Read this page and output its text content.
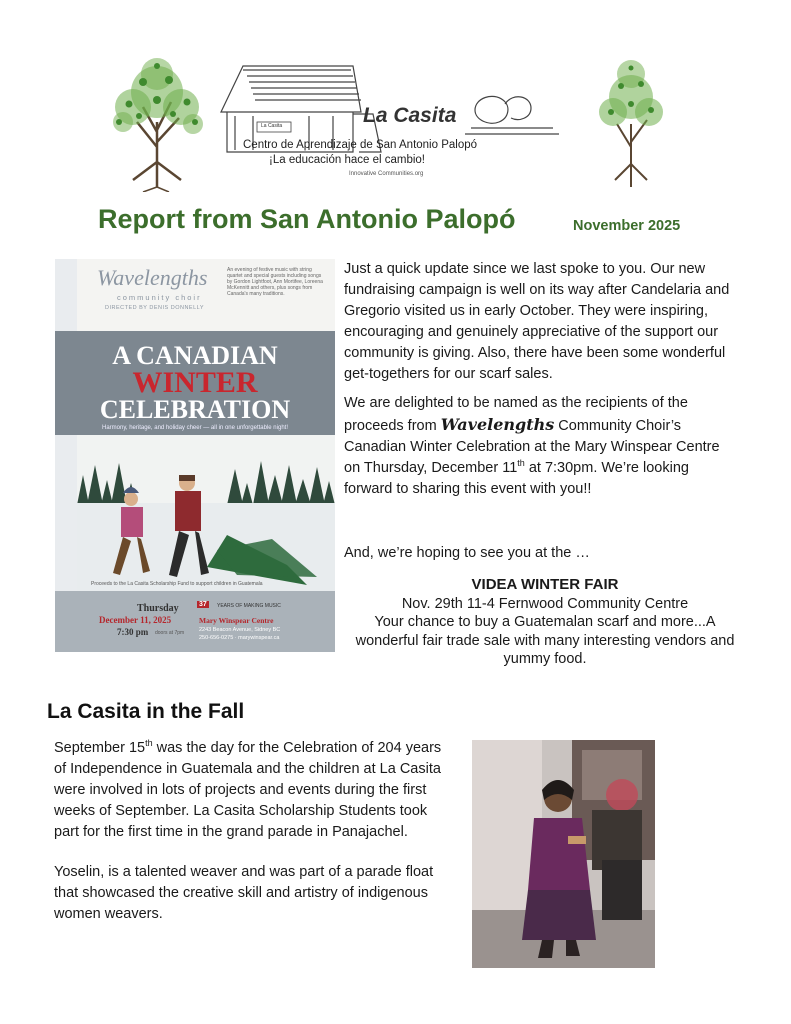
La Casita	La Casita
Centro de Aprendizaje de San Antonio Palopó
¡La educación hace el cambio!
Innovative Communities.org
Report from San Antonio Palopó	November 2025
Wavelengths
community choir
DIRECTED BY DENIS DONNELLY
An evening of festive music with string quartet and special guests including songs by Gordon Lightfoot, Ann Mortifee, Loreena McKennitt and others, plus songs from Canada's many traditions.
A CANADIAN
WINTER
CELEBRATION
Harmony, heritage, and holiday cheer — all in one unforgettable night!
Proceeds to the La Casita Scholarship Fund to support children in Guatemala
Thursday
December 11, 2025
7:30 pm doors at 7pm
37	YEARS OF MAKING MUSIC
Mary Winspear Centre
2243 Beacon Avenue, Sidney BC
250-656-0275 · marywinspear.ca
Just a quick update since we last spoke to you. Our new fundraising campaign is well on its way after Candelaria and Gregorio visited us in early October. They were inspiring, encouraging and genuinely appreciative of the support our community is giving. Also, there have been some wonderful get-togethers for our scarf sales.
We are delighted to be named as the recipients of the proceeds from Wavelengths Community Choir’s Canadian Winter Celebration at the Mary Winspear Centre on Thursday, December 11th at 7:30pm. We’re looking forward to sharing this event with you!!
And, we’re hoping to see you at the …
VIDEA WINTER FAIR
Nov. 29th 11-4 Fernwood Community Centre
Your chance to buy a Guatemalan scarf and more...A wonderful fair trade sale with many interesting vendors and yummy food.
La Casita in the Fall
September 15th was the day for the Celebration of 204 years of Independence in Guatemala and the children at La Casita were involved in lots of projects and events during the first weeks of September. La Casita Scholarship Students took part for the first time in the grand parade in Panajachel.
Yoselin, is a talented weaver and was part of a parade float that showcased the creative skill and artistry of indigenous women weavers.
